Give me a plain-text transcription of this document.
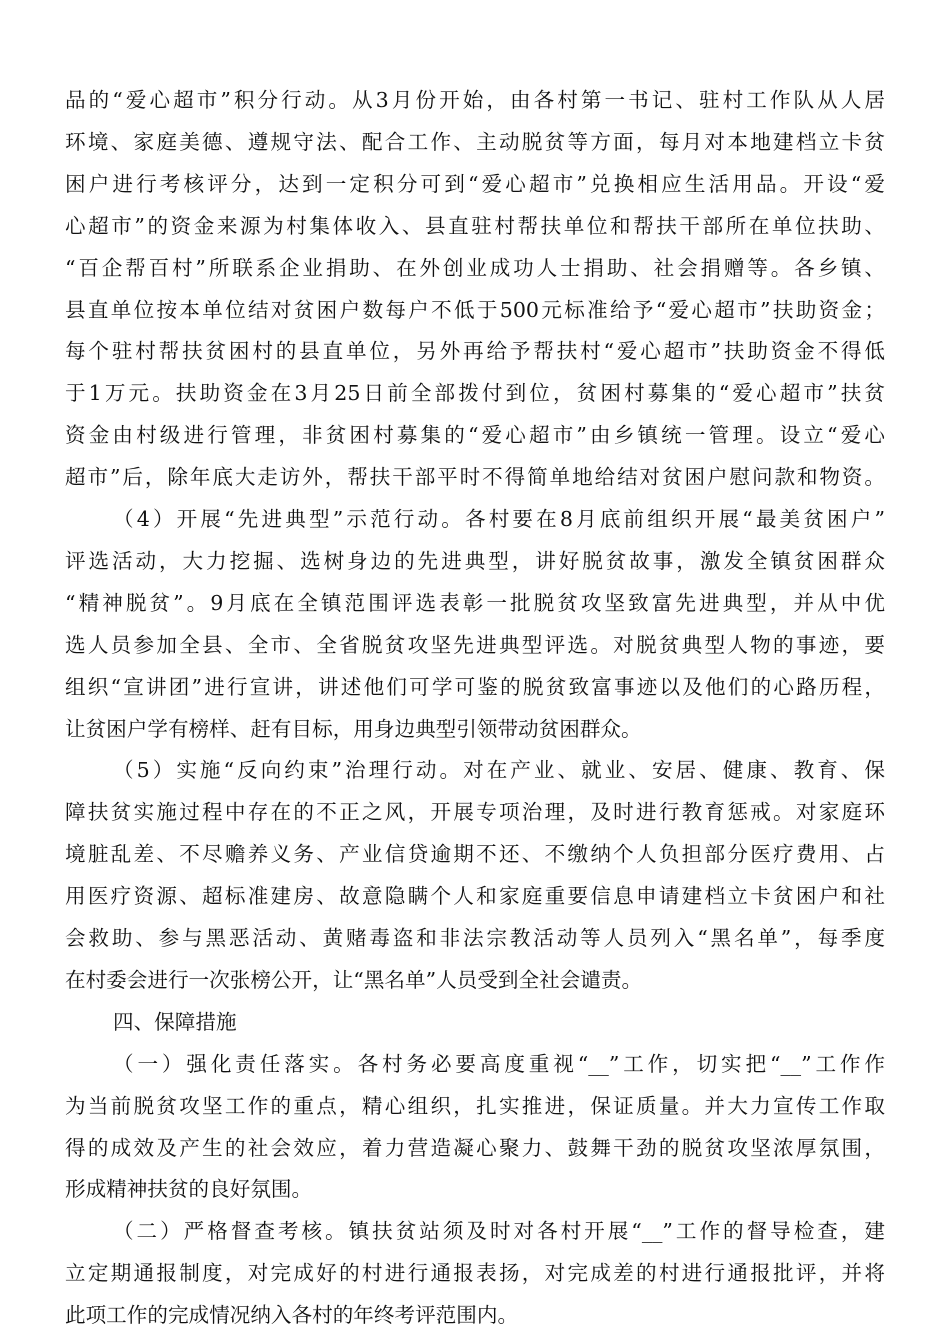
品的“爱心超市”积分行动。从3月份开始，由各村第一书记、驻村工作队从人居
环境、家庭美德、遵规守法、配合工作、主动脱贫等方面，每月对本地建档立卡贫
困户进行考核评分，达到一定积分可到“爱心超市”兑换相应生活用品。开设“爱
心超市”的资金来源为村集体收入、县直驻村帮扶单位和帮扶干部所在单位扶助、
“百企帮百村”所联系企业捐助、在外创业成功人士捐助、社会捐赠等。各乡镇、
县直单位按本单位结对贫困户数每户不低于500元标准给予“爱心超市”扶助资金；
每个驻村帮扶贫困村的县直单位，另外再给予帮扶村“爱心超市”扶助资金不得低
于1万元。扶助资金在3月25日前全部拨付到位，贫困村募集的“爱心超市”扶贫
资金由村级进行管理，非贫困村募集的“爱心超市”由乡镇统一管理。设立“爱心
超市”后，除年底大走访外，帮扶干部平时不得简单地给结对贫困户慰问款和物资。
（4）开展“先进典型”示范行动。各村要在8月底前组织开展“最美贫困户”
评选活动，大力挖掘、选树身边的先进典型，讲好脱贫故事，激发全镇贫困群众
“精神脱贫”。9月底在全镇范围评选表彰一批脱贫攻坚致富先进典型，并从中优
选人员参加全县、全市、全省脱贫攻坚先进典型评选。对脱贫典型人物的事迹，要
组织“宣讲团”进行宣讲，讲述他们可学可鉴的脱贫致富事迹以及他们的心路历程，
让贫困户学有榜样、赶有目标，用身边典型引领带动贫困群众。
（5）实施“反向约束”治理行动。对在产业、就业、安居、健康、教育、保
障扶贫实施过程中存在的不正之风，开展专项治理，及时进行教育惩戒。对家庭环
境脏乱差、不尽赡养义务、产业信贷逾期不还、不缴纳个人负担部分医疗费用、占
用医疗资源、超标准建房、故意隐瞒个人和家庭重要信息申请建档立卡贫困户和社
会救助、参与黑恶活动、黄赌毒盗和非法宗教活动等人员列入“黑名单”，每季度
在村委会进行一次张榜公开，让“黑名单”人员受到全社会谴责。
四、保障措施
（一）强化责任落实。各村务必要高度重视“__”工作，切实把“__”工作作
为当前脱贫攻坚工作的重点，精心组织，扎实推进，保证质量。并大力宣传工作取
得的成效及产生的社会效应，着力营造凝心聚力、鼓舞干劲的脱贫攻坚浓厚氛围，
形成精神扶贫的良好氛围。
（二）严格督查考核。镇扶贫站须及时对各村开展“__”工作的督导检查，建
立定期通报制度，对完成好的村进行通报表扬，对完成差的村进行通报批评，并将
此项工作的完成情况纳入各村的年终考评范围内。
